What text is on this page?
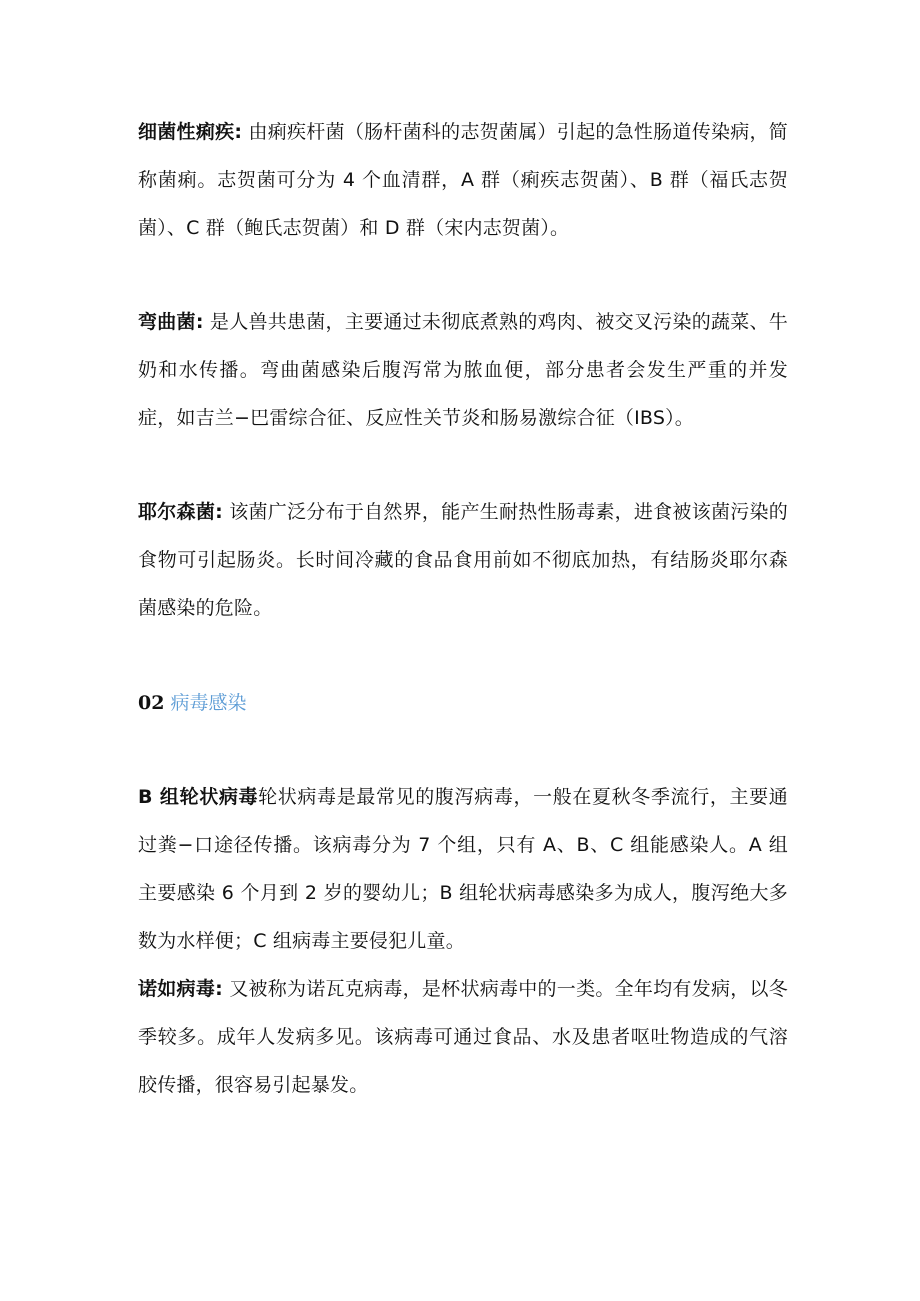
细菌性痢疾: 由痢疾杆菌（肠杆菌科的志贺菌属）引起的急性肠道传染病，简称菌痢。志贺菌可分为 4 个血清群，A 群（痢疾志贺菌）、B 群（福氏志贺菌）、C 群（鲍氏志贺菌）和 D 群（宋内志贺菌）。

弯曲菌: 是人兽共患菌，主要通过未彻底煮熟的鸡肉、被交叉污染的蔬菜、牛奶和水传播。弯曲菌感染后腹泻常为脓血便，部分患者会发生严重的并发症，如吉兰−巴雷综合征、反应性关节炎和肠易激综合征（IBS）。

耶尔森菌: 该菌广泛分布于自然界，能产生耐热性肠毒素，进食被该菌污染的食物可引起肠炎。长时间冷藏的食品食用前如不彻底加热，有结肠炎耶尔森菌感染的危险。

02 病毒感染

B 组轮状病毒轮状病毒是最常见的腹泻病毒，一般在夏秋冬季流行，主要通过粪−口途径传播。该病毒分为 7 个组，只有 A、B、C 组能感染人。A 组主要感染 6 个月到 2 岁的婴幼儿；B 组轮状病毒感染多为成人，腹泻绝大多数为水样便；C 组病毒主要侵犯儿童。

诺如病毒: 又被称为诺瓦克病毒，是杯状病毒中的一类。全年均有发病，以冬季较多。成年人发病多见。该病毒可通过食品、水及患者呕吐物造成的气溶胶传播，很容易引起暴发。
